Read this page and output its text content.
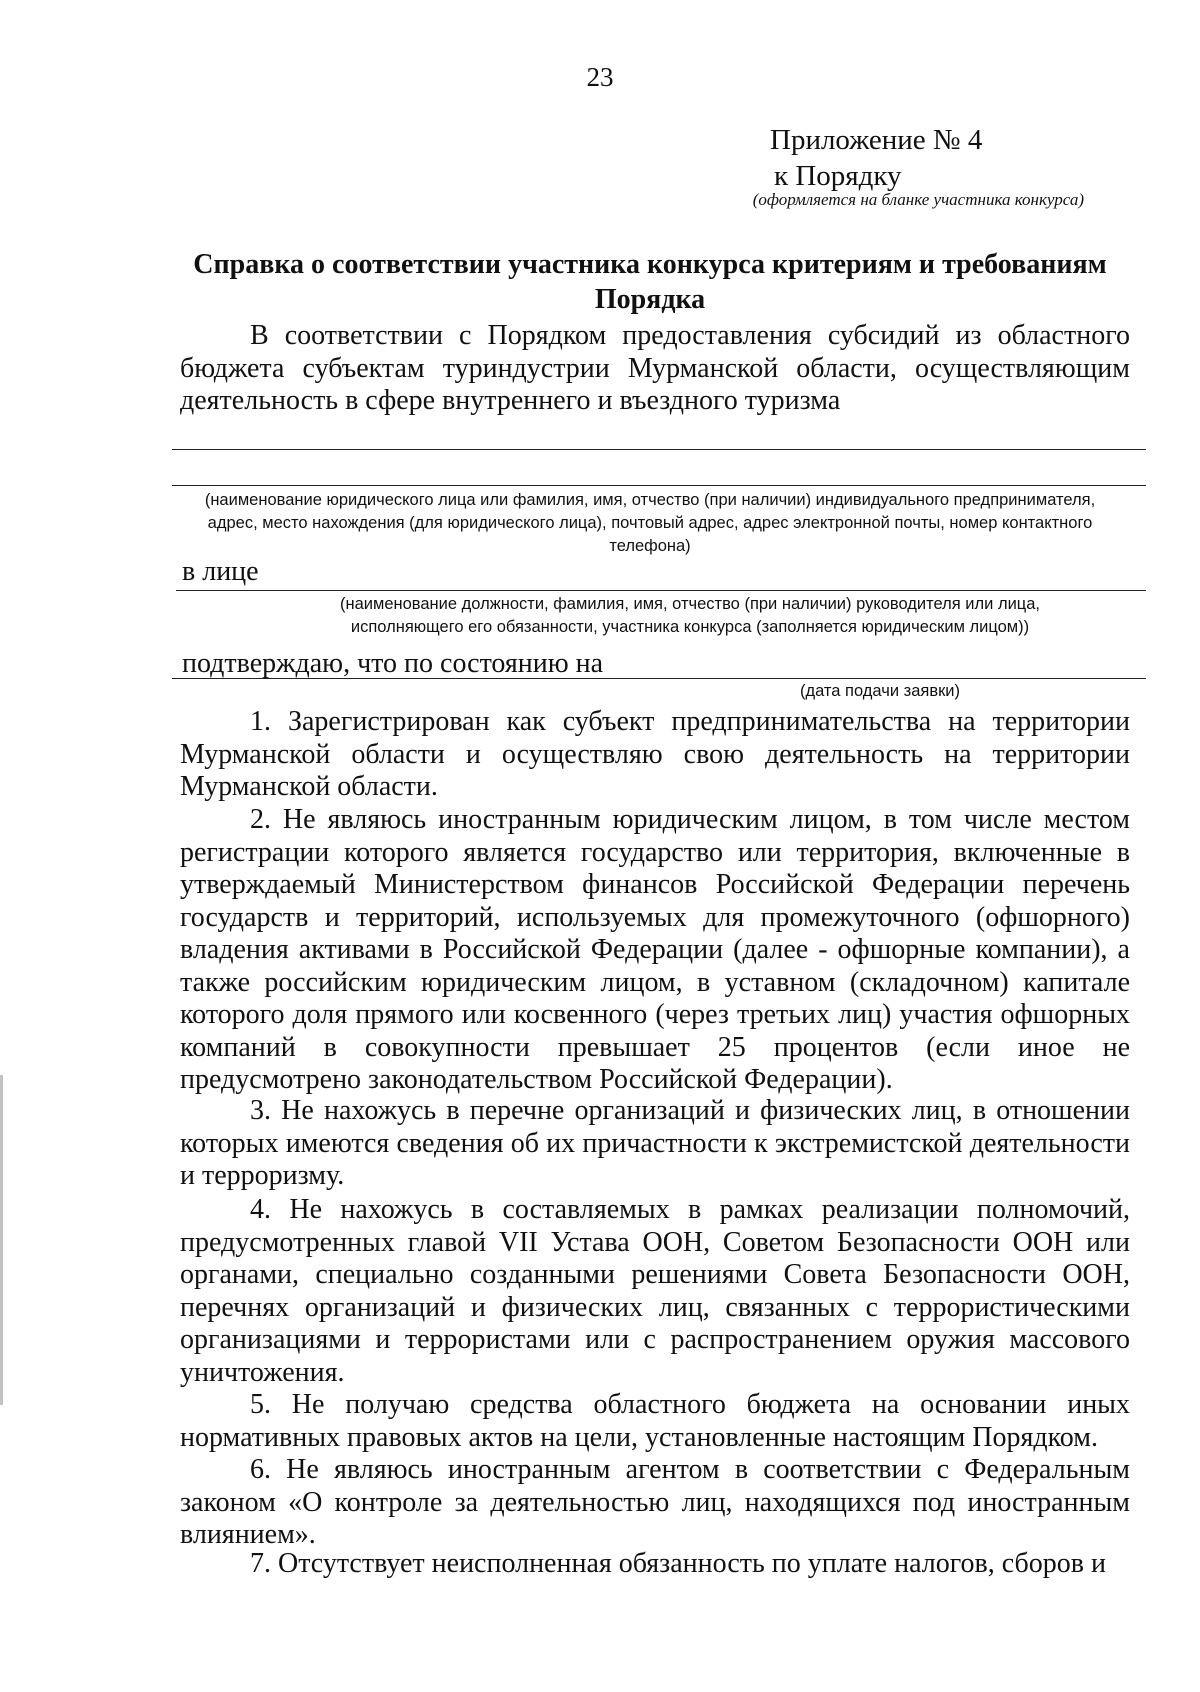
23
Приложение № 4
к Порядку
(оформляется на бланке участника конкурса)
Справка о соответствии участника конкурса критериям и требованиям Порядка
В соответствии с Порядком предоставления субсидий из областного бюджета субъектам туриндустрии Мурманской области, осуществляющим деятельность в сфере внутреннего и въездного туризма
(наименование юридического лица или фамилия, имя, отчество (при наличии) индивидуального предпринимателя, адрес, место нахождения (для юридического лица), почтовый адрес, адрес электронной почты, номер контактного телефона)
в лице
(наименование должности, фамилия, имя, отчество (при наличии) руководителя или лица, исполняющего его обязанности, участника конкурса (заполняется юридическим лицом))
подтверждаю, что по состоянию на
(дата подачи заявки)
1. Зарегистрирован как субъект предпринимательства на территории Мурманской области и осуществляю свою деятельность на территории Мурманской области.
2. Не являюсь иностранным юридическим лицом, в том числе местом регистрации которого является государство или территория, включенные в утверждаемый Министерством финансов Российской Федерации перечень государств и территорий, используемых для промежуточного (офшорного) владения активами в Российской Федерации (далее - офшорные компании), а также российским юридическим лицом, в уставном (складочном) капитале которого доля прямого или косвенного (через третьих лиц) участия офшорных компаний в совокупности превышает 25 процентов (если иное не предусмотрено законодательством Российской Федерации).
3. Не нахожусь в перечне организаций и физических лиц, в отношении которых имеются сведения об их причастности к экстремистской деятельности и терроризму.
4. Не нахожусь в составляемых в рамках реализации полномочий, предусмотренных главой VII Устава ООН, Советом Безопасности ООН или органами, специально созданными решениями Совета Безопасности ООН, перечнях организаций и физических лиц, связанных с террористическими организациями и террористами или с распространением оружия массового уничтожения.
5. Не получаю средства областного бюджета на основании иных нормативных правовых актов на цели, установленные настоящим Порядком.
6. Не являюсь иностранным агентом в соответствии с Федеральным законом «О контроле за деятельностью лиц, находящихся под иностранным влиянием».
7. Отсутствует неисполненная обязанность по уплате налогов, сборов и
